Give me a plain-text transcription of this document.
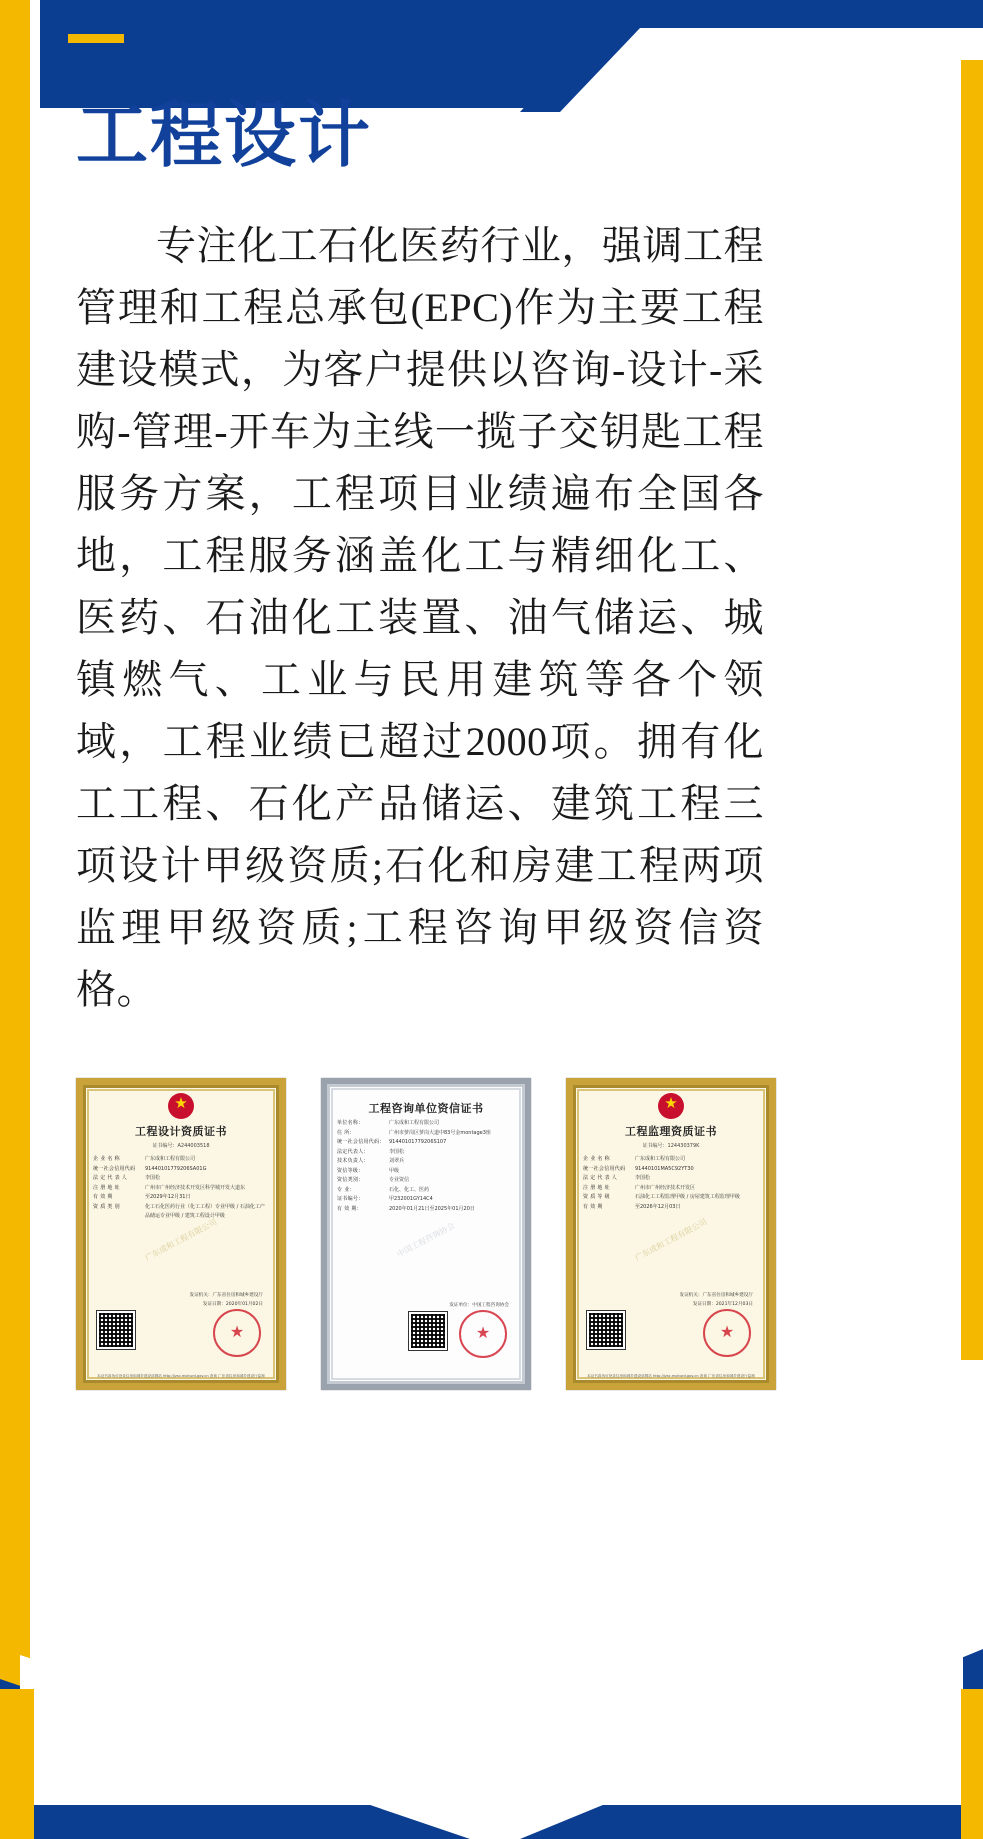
工程设计

专注化工石化医药行业，强调工程管理和工程总承包(EPC)作为主要工程建设模式，为客户提供以咨询-设计-采购-管理-开车为主线一揽子交钥匙工程服务方案，工程项目业绩遍布全国各地，工程服务涵盖化工与精细化工、医药、石油化工装置、油气储运、城镇燃气、工业与民用建筑等各个领域，工程业绩已超过2000项。拥有化工工程、石化产品储运、建筑工程三项设计甲级资质;石化和房建工程两项监理甲级资质;工程咨询甲级资信资格。

广东成和工程有限公司
★
工程设计资质证书
证书编号：A244003518
企 业 名 称	广东成和工程有限公司
统一社会信用代码	91440101779206SA01G
法 定 代 表 人	李国松
注 册 地 址	广州市广州经济技术开发区科学城开发大道东
有 效 期	至2029年12月31日
资 质 类 别	化工石化医药行业（化工工程）专业甲级 / 石油化工产品储运专业甲级 / 建筑工程设计甲级
发证机关：广东省住房和城乡建设厅
发证日期：2020年01月02日
★
本证书真伪可登录住房和城乡建设部网站 http://jzsc.mohurd.gov.cn 查询 广东省住房和城乡建设厅监制
中国工程咨询协会
工程咨询单位资信证书
单位名称：	广东成和工程有限公司
住 所：	广州市萝岗区萝岗大道中83号金montage3座
统一社会信用代码： 91440101779206S107
法定代表人：	李国松
技术负责人：	刘翠兵
资信等级：	甲级
资信类别：	专业资信
专 业：	石化、化工、医药
证书编号：	甲232001GY14C4
有 效 期：	2020年01月21日至2025年01月20日
发证单位：中国工程咨询协会
★
广东成和工程有限公司
★
工程监理资质证书
证书编号：124430379K
企 业 名 称	广东成和工程有限公司
统一社会信用代码	91440101MA5C92YT30
法 定 代 表 人	李国松
注 册 地 址	广州市广州经济技术开发区
资 质 等 级	石油化工工程监理甲级 / 房屋建筑工程监理甲级
有 效 期	至2026年12月03日
发证机关：广东省住房和城乡建设厅
发证日期：2021年12月03日
★
本证书真伪可登录住房和城乡建设部网站 http://jzsc.mohurd.gov.cn 查询 广东省住房和城乡建设厅监制
